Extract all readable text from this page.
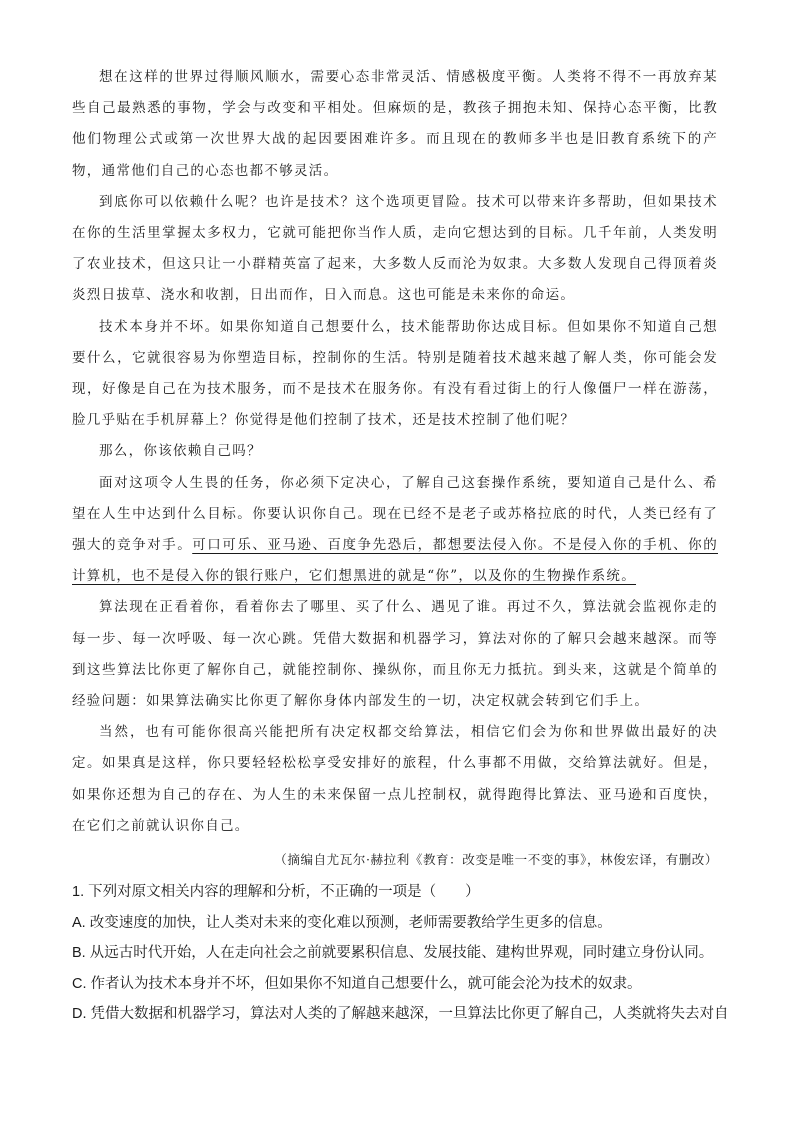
想在这样的世界过得顺风顺水，需要心态非常灵活、情感极度平衡。人类将不得不一再放弃某些自己最熟悉的事物，学会与改变和平相处。但麻烦的是，教孩子拥抱未知、保持心态平衡，比教他们物理公式或第一次世界大战的起因要困难许多。而且现在的教师多半也是旧教育系统下的产物，通常他们自己的心态也都不够灵活。

到底你可以依赖什么呢？也许是技术？这个选项更冒险。技术可以带来许多帮助，但如果技术在你的生活里掌握太多权力，它就可能把你当作人质，走向它想达到的目标。几千年前，人类发明了农业技术，但这只让一小群精英富了起来，大多数人反而沦为奴隶。大多数人发现自己得顶着炎炎烈日拔草、浇水和收割，日出而作，日入而息。这也可能是未来你的命运。

技术本身并不坏。如果你知道自己想要什么，技术能帮助你达成目标。但如果你不知道自己想要什么，它就很容易为你塑造目标，控制你的生活。特别是随着技术越来越了解人类，你可能会发现，好像是自己在为技术服务，而不是技术在服务你。有没有看过街上的行人像僵尸一样在游荡，脸几乎贴在手机屏幕上？你觉得是他们控制了技术，还是技术控制了他们呢？

那么，你该依赖自己吗？

面对这项令人生畏的任务，你必须下定决心，了解自己这套操作系统，要知道自己是什么、希望在人生中达到什么目标。你要认识你自己。现在已经不是老子或苏格拉底的时代，人类已经有了强大的竞争对手。可口可乐、亚马逊、百度争先恐后，都想要法侵入你。不是侵入你的手机、你的计算机，也不是侵入你的银行账户，它们想黑进的就是“你”，以及你的生物操作系统。

算法现在正看着你，看着你去了哪里、买了什么、遇见了谁。再过不久，算法就会监视你走的每一步、每一次呼吸、每一次心跳。凭借大数据和机器学习，算法对你的了解只会越来越深。而等到这些算法比你更了解你自己，就能控制你、操纵你，而且你无力抵抗。到头来，这就是个简单的经验问题：如果算法确实比你更了解你身体内部发生的一切，决定权就会转到它们手上。

当然，也有可能你很高兴能把所有决定权都交给算法，相信它们会为你和世界做出最好的决定。如果真是这样，你只要轻轻松松享受安排好的旅程，什么事都不用做，交给算法就好。但是，如果你还想为自己的存在、为人生的未来保留一点儿控制权，就得跑得比算法、亚马逊和百度快，在它们之前就认识你自己。

（摘编自尤瓦尔·赫拉利《教育：改变是唯一不变的事》，林俊宏译，有删改）

1. 下列对原文相关内容的理解和分析，不正确的一项是（　　）

A. 改变速度的加快，让人类对未来的变化难以预测，老师需要教给学生更多的信息。

B. 从远古时代开始，人在走向社会之前就要累积信息、发展技能、建构世界观，同时建立身份认同。

C. 作者认为技术本身并不坏，但如果你不知道自己想要什么，就可能会沦为技术的奴隶。

D. 凭借大数据和机器学习，算法对人类的了解越来越深，一旦算法比你更了解自己，人类就将失去对自
